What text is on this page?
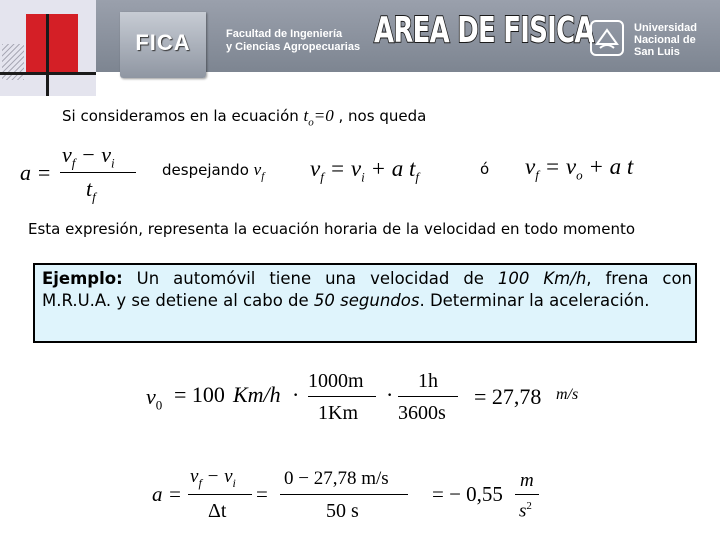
FICA	Facultad de Ingeniería
y Ciencias Agropecuarias AREA DE FISICA	Universidad
Nacional de
San Luis
Si consideramos en la ecuación $t_o=0$ , nos queda
a =
$v_f - v_i$
$t_f$
despejando $v_f$ $v_f = v_i + a$ $t_f$	ó $v_f = v_o + a$ t
Esta expresión, representa la ecuación horaria de la velocidad en todo momento
Ejemplo: Un automóvil tiene una velocidad de 100 Km/h, frena con
M.R.U.A. y se detiene al cabo de 50 segundos. Determinar la aceleración.
$v_0 = 100$ Km/h ·
1000m
1Km
·
1h
3600s
= 27,78 m/s
a =
$v_f - v_i$
Δt
=
0 − 27,78 m/s
50 s
= − 0,55
m
$s^2$
